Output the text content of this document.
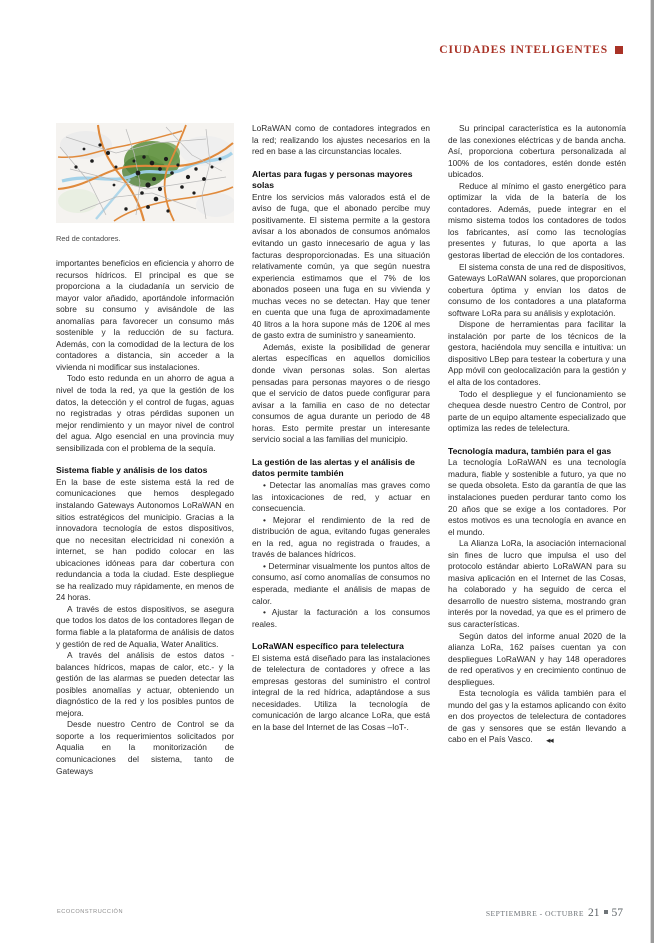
CIUDADES INTELIGENTES
Red de contadores.

importantes beneficios en eficiencia y ahorro de recursos hídricos. El principal es que se proporciona a la ciudadanía un servicio de mayor valor añadido, aportándole información sobre su consumo y avisándole de las anomalías para favorecer un consumo más sostenible y la reducción de su factura. Además, con la comodidad de la lectura de los contadores a distancia, sin acceder a la vivienda ni modificar sus instalaciones.

Todo esto redunda en un ahorro de agua a nivel de toda la red, ya que la gestión de los datos, la detección y el control de fugas, aguas no registradas y otras pérdidas suponen un mejor rendimiento y un mayor nivel de control del agua. Algo esencial en una provincia muy sensibilizada con el problema de la sequía.

Sistema fiable y análisis de los datos

En la base de este sistema está la red de comunicaciones que hemos desplegado instalando Gateways Autonomos LoRaWAN en sitios estratégicos del municipio. Gracias a la innovadora tecnología de estos dispositivos, que no necesitan electricidad ni conexión a internet, se han podido colocar en las ubicaciones idóneas para dar cobertura con redundancia a toda la ciudad. Este despliegue se ha realizado muy rápidamente, en menos de 24 horas.

A través de estos dispositivos, se asegura que todos los datos de los contadores llegan de forma fiable a la plataforma de análisis de datos y gestión de red de Aqualia, Water Analitics.

A través del análisis de estos datos - balances hídricos, mapas de calor, etc.- y la gestión de las alarmas se pueden detectar las posibles anomalías y actuar, obteniendo un diagnóstico de la red y los posibles puntos de mejora.

Desde nuestro Centro de Control se da soporte a los requerimientos solicitados por Aqualia en la monitorización de comunicaciones del sistema, tanto de Gateways

LoRaWAN como de contadores integrados en la red; realizando los ajustes necesarios en la red en base a las circunstancias locales.

Alertas para fugas y personas mayores solas

Entre los servicios más valorados está el de aviso de fuga, que el abonado percibe muy positivamente. El sistema permite a la gestora avisar a los abonados de consumos anómalos evitando un gasto innecesario de agua y las facturas desproporcionadas. Es una situación relativamente común, ya que según nuestra experiencia estimamos que el 7% de los abonados poseen una fuga en su vivienda y muchas veces no se detectan. Hay que tener en cuenta que una fuga de aproximadamente 40 litros a la hora supone más de 120€ al mes de gasto extra de suministro y saneamiento.

Además, existe la posibilidad de generar alertas específicas en aquellos domicilios donde vivan personas solas. Son alertas pensadas para personas mayores o de riesgo que el servicio de datos puede configurar para avisar a la familia en caso de no detectar consumos de agua durante un periodo de 48 horas. Esto permite prestar un interesante servicio social a las familias del municipio.

La gestión de las alertas y el análisis de datos permite también

• Detectar las anomalías mas graves como las intoxicaciones de red, y actuar en consecuencia.

• Mejorar el rendimiento de la red de distribución de agua, evitando fugas generales en la red, agua no registrada o fraudes, a través de balances hídricos.

• Determinar visualmente los puntos altos de consumo, así como anomalías de consumos no esperada, mediante el análisis de mapas de calor.

• Ajustar la facturación a los consumos reales.

LoRaWAN específico para telelectura

El sistema está diseñado para las instalaciones de telelectura de contadores y ofrece a las empresas gestoras del suministro el control integral de la red hídrica, adaptándose a sus necesidades. Utiliza la tecnología de comunicación de largo alcance LoRa, que está en la base del Internet de las Cosas –IoT-.

Su principal característica es la autonomía de las conexiones eléctricas y de banda ancha. Así, proporciona cobertura personalizada al 100% de los contadores, estén donde estén ubicados.

Reduce al mínimo el gasto energético para optimizar la vida de la batería de los contadores. Además, puede integrar en el mismo sistema todos los contadores de todos los fabricantes, así como las tecnologías presentes y futuras, lo que aporta a las gestoras libertad de elección de los contadores.

El sistema consta de una red de dispositivos, Gateways LoRaWAN solares, que proporcionan cobertura óptima y envían los datos de consumo de los contadores a una plataforma software LoRa para su análisis y explotación.

Dispone de herramientas para facilitar la instalación por parte de los técnicos de la gestora, haciéndola muy sencilla e intuitiva: un dispositivo LBep para testear la cobertura y una App móvil con geolocalización para la gestión y el alta de los contadores.

Todo el despliegue y el funcionamiento se chequea desde nuestro Centro de Control, por parte de un equipo altamente especializado que optimiza las redes de telelectura.

Tecnología madura, también para el gas

La tecnología LoRaWAN es una tecnología madura, fiable y sostenible a futuro, ya que no se queda obsoleta. Esto da garantía de que las instalaciones pueden perdurar tanto como los 20 años que se exige a los contadores. Por estos motivos es una tecnología en avance en el mundo.

La Alianza LoRa, la asociación internacional sin fines de lucro que impulsa el uso del protocolo estándar abierto LoRaWAN para su masiva aplicación en el Internet de las Cosas, ha colaborado y ha seguido de cerca el desarrollo de nuestro sistema, mostrando gran interés por la novedad, ya que es el primero de sus características.

Según datos del informe anual 2020 de la alianza LoRa, 162 países cuentan ya con despliegues LoRaWAN y hay 148 operadores de red operativos y en crecimiento continuo de despliegues.

Esta tecnología es válida también para el mundo del gas y la estamos aplicando con éxito en dos proyectos de telelectura de contadores de gas y sensores que se están llevando a cabo en el País Vasco. ◂◂

ECOCONSTRUCCIÓN	SEPTIEMBRE - OCTUBRE 21 57
